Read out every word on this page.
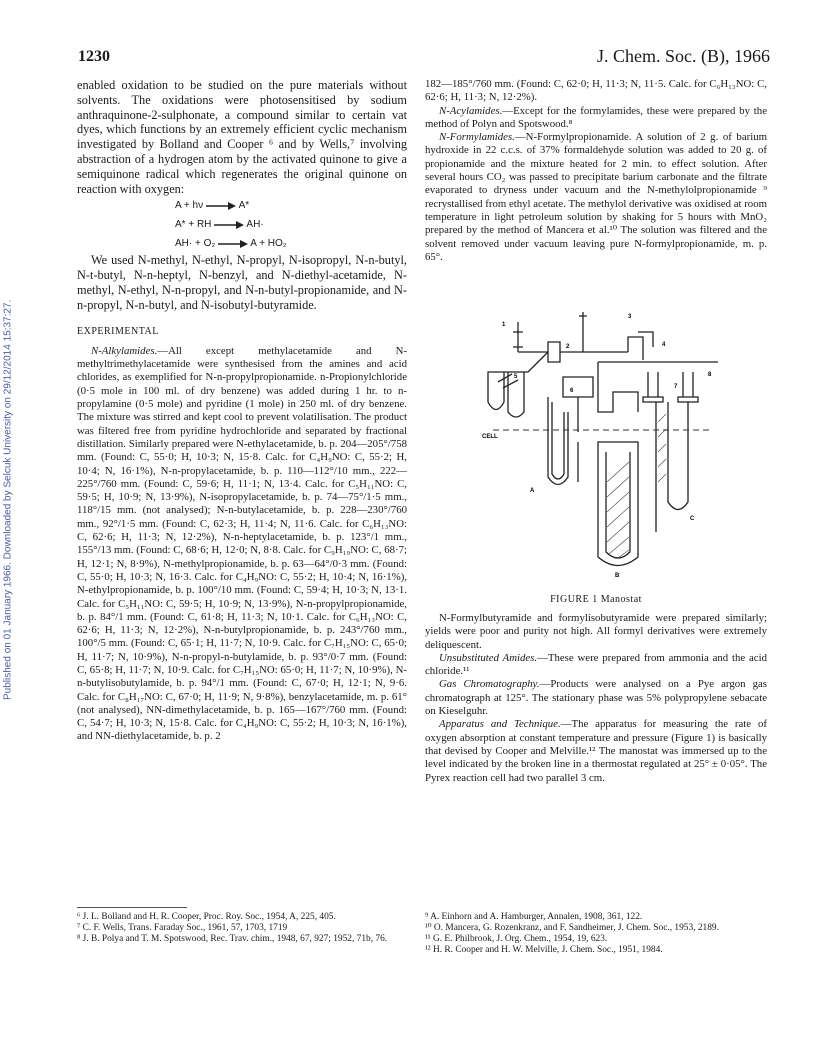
1230	J. Chem. Soc. (B), 1966
Published on 01 January 1966. Downloaded by Selcuk University on 29/12/2014 15:37:27.

enabled oxidation to be studied on the pure materials without solvents. The oxidations were photosensitised by sodium anthraquinone-2-sulphonate, a compound similar to certain vat dyes, which functions by an extremely efficient cyclic mechanism investigated by Bolland and Cooper ⁶ and by Wells,⁷ involving abstraction of a hydrogen atom by the activated quinone to give a semiquinone radical which regenerates the original quinone on reaction with oxygen:

A + hν → A*
A* + RH → AH·
AH· + O₂ → A + HO₂

We used N-methyl, N-ethyl, N-propyl, N-isopropyl, N-n-butyl, N-t-butyl, N-n-heptyl, N-benzyl, and N-diethyl-acetamide, N-methyl, N-ethyl, N-n-propyl, and N-n-butyl-propionamide, and N-n-propyl, N-n-butyl, and N-isobutyl-butyramide.

EXPERIMENTAL

N-Alkylamides.—All except methylacetamide and N-methyltrimethylacetamide were synthesised from the amines and acid chlorides, as exemplified for N-n-propylpropionamide. n-Propionylchloride (0·5 mole in 100 ml. of dry benzene) was added during 1 hr. to n-propylamine (0·5 mole) and pyridine (1 mole) in 250 ml. of dry benzene. The mixture was stirred and kept cool to prevent volatilisation. The product was filtered free from pyridine hydrochloride and separated by fractional distillation. Similarly prepared were N-ethylacetamide, b. p. 204—205°/758 mm. (Found: C, 55·0; H, 10·3; N, 15·8. Calc. for C₄H₉NO: C, 55·2; H, 10·4; N, 16·1%), N-n-propylacetamide, b. p. 110—112°/10 mm., 222—225°/760 mm. (Found: C, 59·6; H, 11·1; N, 13·4. Calc. for C₅H₁₁NO: C, 59·5; H, 10·9; N, 13·9%), N-isopropylacetamide, b. p. 74—75°/1·5 mm., 118°/15 mm. (not analysed); N-n-butylacetamide, b. p. 228—230°/760 mm., 92°/1·5 mm. (Found: C, 62·3; H, 11·4; N, 11·6. Calc. for C₆H₁₃NO: C, 62·6; H, 11·3; N, 12·2%), N-n-heptylacetamide, b. p. 123°/1 mm., 155°/13 mm. (Found: C, 68·6; H, 12·0; N, 8·8. Calc. for C₉H₁₉NO: C, 68·7; H, 12·1; N, 8·9%), N-methylpropionamide, b. p. 63—64°/0·3 mm. (Found: C, 55·0; H, 10·3; N, 16·3. Calc. for C₄H₉NO: C, 55·2; H, 10·4; N, 16·1%), N-ethylpropionamide, b. p. 100°/10 mm. (Found: C, 59·4; H, 10·3; N, 13·1. Calc. for C₅H₁₁NO: C, 59·5; H, 10·9; N, 13·9%), N-n-propylpropionamide, b. p. 84°/1 mm. (Found: C, 61·8; H, 11·3; N, 10·1. Calc. for C₆H₁₃NO: C, 62·6; H, 11·3; N, 12·2%), N-n-butylpropionamide, b. p. 243°/760 mm., 100°/5 mm. (Found: C, 65·1; H, 11·7; N, 10·9. Calc. for C₇H₁₅NO: C, 65·0; H, 11·7; N, 10·9%), N-n-propyl-n-butylamide, b. p. 93°/0·7 mm. (Found: C, 65·8; H, 11·7; N, 10·9. Calc. for C₇H₁₅NO: 65·0; H, 11·7; N, 10·9%), N-n-butylisobutylamide, b. p. 94°/1 mm. (Found: C, 67·0; H, 12·1; N, 9·6. Calc. for C₈H₁₇NO: C, 67·0; H, 11·9; N, 9·8%), benzylacetamide, m. p. 61° (not analysed), NN-dimethylacetamide, b. p. 165—167°/760 mm. (Found: C, 54·7; H, 10·3; N, 15·8. Calc. for C₄H₉NO: C, 55·2; H, 10·3; N, 16·1%), and NN-diethylacetamide, b. p. 2

182—185°/760 mm. (Found: C, 62·0; H, 11·3; N, 11·5. Calc. for C₆H₁₃NO: C, 62·6; H, 11·3; N, 12·2%).

N-Acylamides.—Except for the formylamides, these were prepared by the method of Polyn and Spotswood.⁸

N-Formylamides.—N-Formylpropionamide. A solution of 2 g. of barium hydroxide in 22 c.c.s. of 37% formaldehyde solution was added to 20 g. of propionamide and the mixture heated for 2 min. to effect solution. After several hours CO₂ was passed to precipitate barium carbonate and the filtrate evaporated to dryness under vacuum and the N-methylolpropionamide ⁹ recrystallised from ethyl acetate. The methylol derivative was oxidised at room temperature in light petroleum solution by shaking for 5 hours with MnO₂ prepared by the method of Mancera et al.¹⁰ The solution was filtered and the solvent removed under vacuum leaving pure N-formylpropionamide, m. p. 65°.

8
3
4
1
2
5
6
7
CELL
A
C
B
FIGURE 1 Manostat

N-Formylbutyramide and formylisobutyramide were prepared similarly; yields were poor and purity not high. All formyl derivatives were extremely deliquescent.

Unsubstituted Amides.—These were prepared from ammonia and the acid chloride.¹¹

Gas Chromatography.—Products were analysed on a Pye argon gas chromatograph at 125°. The stationary phase was 5% polypropylene sebacate on Kieselguhr.

Apparatus and Technique.—The apparatus for measuring the rate of oxygen absorption at constant temperature and pressure (Figure 1) is basically that devised by Cooper and Melville.¹² The manostat was immersed up to the level indicated by the broken line in a thermostat regulated at 25° ± 0·05°. The Pyrex reaction cell had two parallel 3 cm.

⁶ J. L. Bolland and H. R. Cooper, Proc. Roy. Soc., 1954, A, 225, 405.

⁷ C. F. Wells, Trans. Faraday Soc., 1961, 57, 1703, 1719

⁸ J. B. Polya and T. M. Spotswood, Rec. Trav. chim., 1948, 67, 927; 1952, 71b, 76.

⁹ A. Einhorn and A. Hamburger, Annalen, 1908, 361, 122.

¹⁰ O. Mancera, G. Rozenkranz, and F. Sandheimer, J. Chem. Soc., 1953, 2189.

¹¹ G. E. Philbrook, J. Org. Chem., 1954, 19, 623.

¹² H. R. Cooper and H. W. Melville, J. Chem. Soc., 1951, 1984.
